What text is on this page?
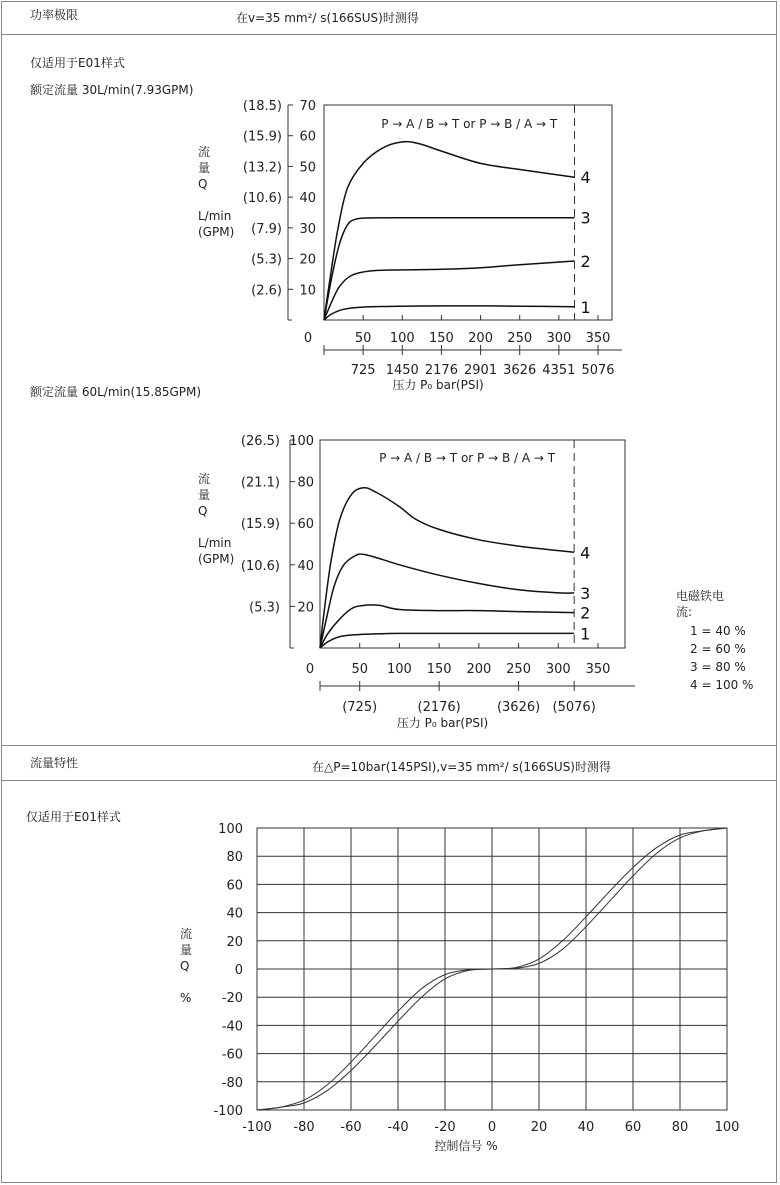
功率极限	在v=35 mm²/ s(166SUS)时测得
仅适用于E01样式
额定流量 30L/min(7.93GPM)
额定流量 60L/min(15.85GPM)
电磁铁电流:
1 = 40 %
2 = 60 %
3 = 80 %
4 = 100 %
流量特性	在△P=10bar(145PSI),v=35 mm²/ s(166SUS)时测得
仅适用于E01样式
10
(2.6)
20
(5.3)
30
(7.9)
40
(10.6)
50
(13.2)
60
(15.9)
70
(18.5)
流
量
Q
L/min
(GPM)
0	50 100 150 200 250 300 350
725 1450 2176 2901 3626 4351 5076
压力 P₀ bar(PSI)
P → A / B → T or P → B / A → T
1
2
3
4
20
(5.3)
40
60
(15.9)
80
(21.1)
100
(26.5)
(10.6)
流
量
Q
L/min
(GPM)
0	50 100 150 200 250 300 350
(725)	(2176)	(3626) (5076)
压力 P₀ bar(PSI)
P → A / B → T or P → B / A → T
1
2
3
4
-100 -80 -60 -40 -20 0	20 40 60 80 100
-100
-80
-60
-40
-20
0
20
40
60
80
100
流
量
Q
%
控制信号 %
